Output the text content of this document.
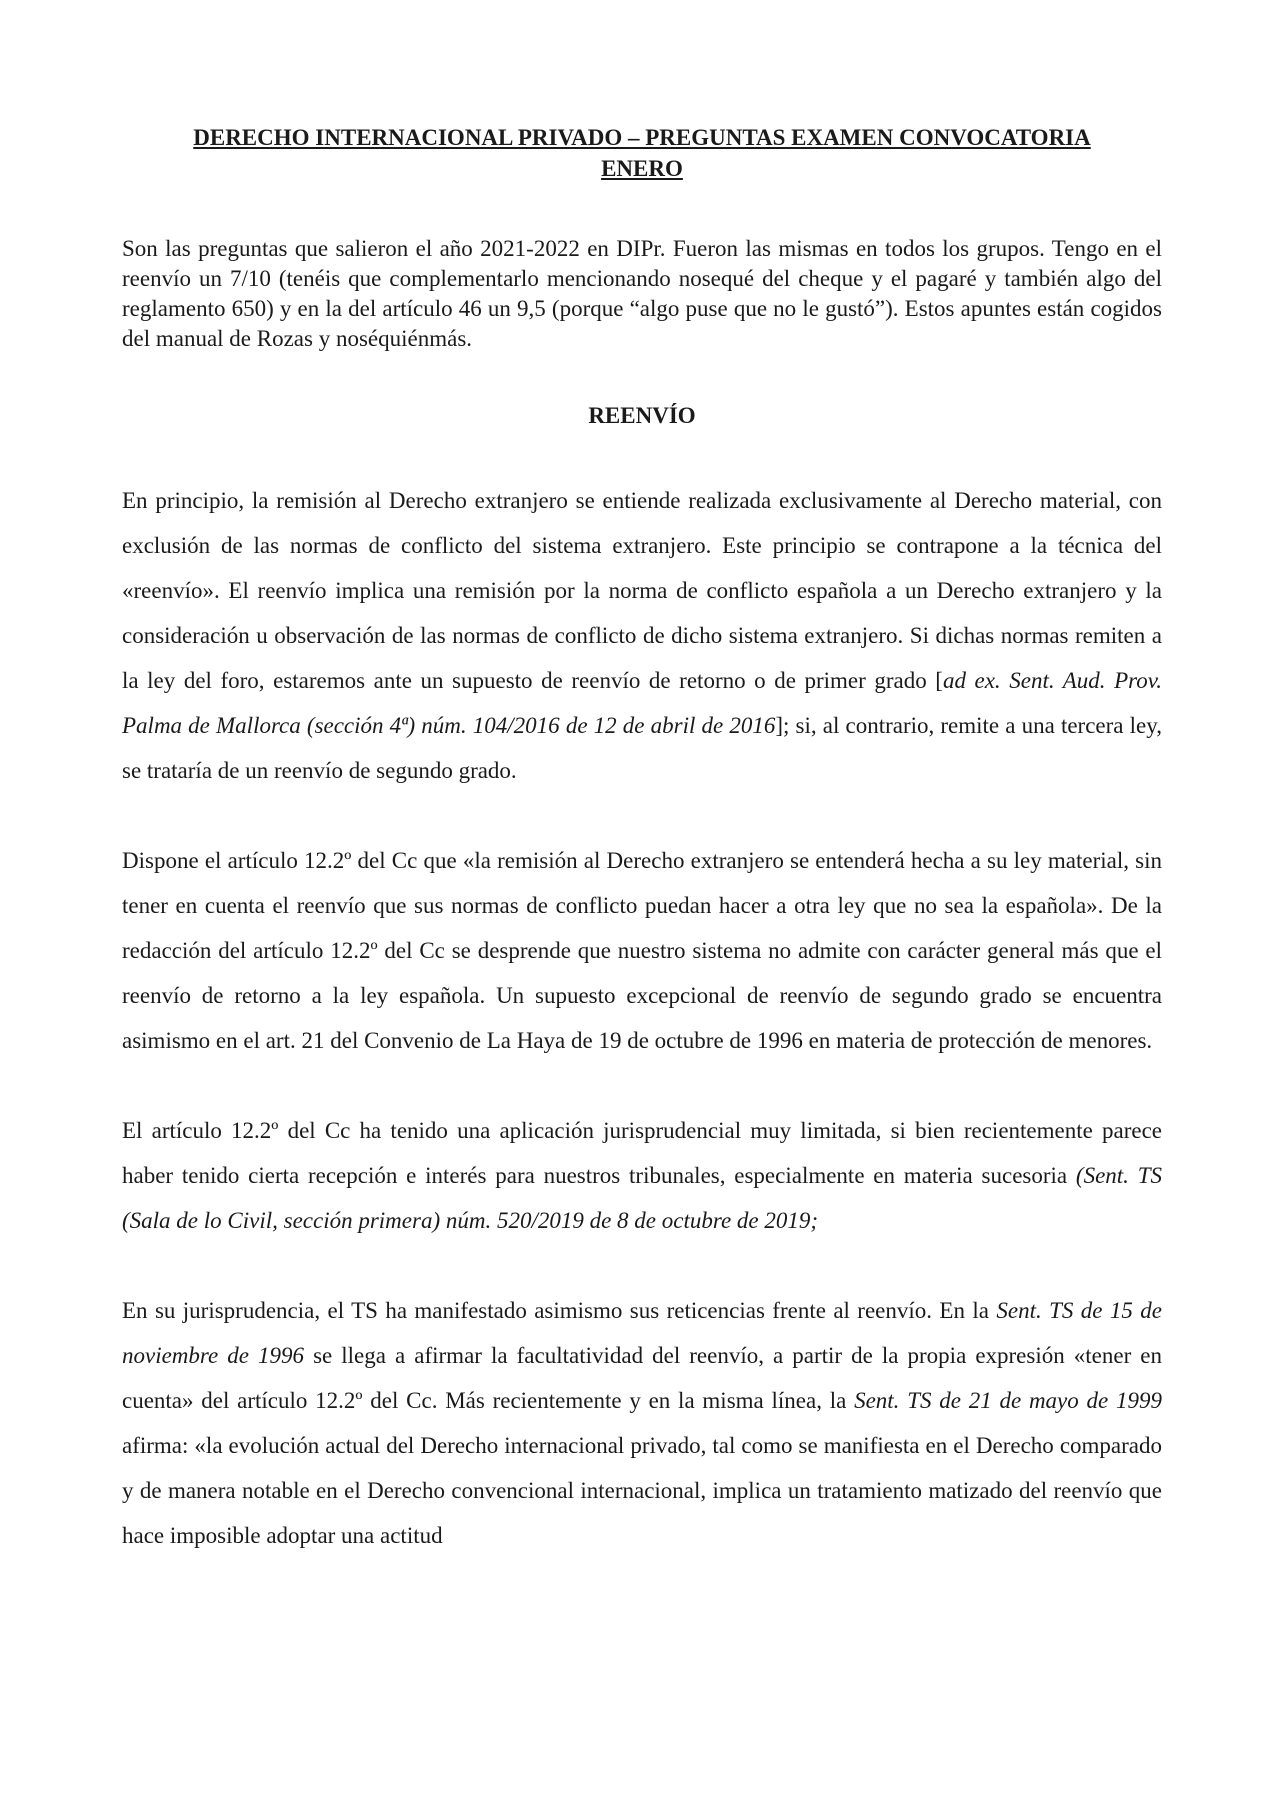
DERECHO INTERNACIONAL PRIVADO – PREGUNTAS EXAMEN CONVOCATORIA
ENERO

Son las preguntas que salieron el año 2021-2022 en DIPr. Fueron las mismas en todos los grupos. Tengo en el reenvío un 7/10 (tenéis que complementarlo mencionando nosequé del cheque y el pagaré y también algo del reglamento 650) y en la del artículo 46 un 9,5 (porque “algo puse que no le gustó”). Estos apuntes están cogidos del manual de Rozas y noséquiénmás.

REENVÍO

En principio, la remisión al Derecho extranjero se entiende realizada exclusivamente al Derecho material, con exclusión de las normas de conflicto del sistema extranjero. Este principio se contrapone a la técnica del «reenvío». El reenvío implica una remisión por la norma de conflicto española a un Derecho extranjero y la consideración u observación de las normas de conflicto de dicho sistema extranjero. Si dichas normas remiten a la ley del foro, estaremos ante un supuesto de reenvío de retorno o de primer grado [ad ex. Sent. Aud. Prov. Palma de Mallorca (sección 4ª) núm. 104/2016 de 12 de abril de 2016]; si, al contrario, remite a una tercera ley, se trataría de un reenvío de segundo grado.

Dispone el artículo 12.2º del Cc que «la remisión al Derecho extranjero se entenderá hecha a su ley material, sin tener en cuenta el reenvío que sus normas de conflicto puedan hacer a otra ley que no sea la española». De la redacción del artículo 12.2º del Cc se desprende que nuestro sistema no admite con carácter general más que el reenvío de retorno a la ley española. Un supuesto excepcional de reenvío de segundo grado se encuentra asimismo en el art. 21 del Convenio de La Haya de 19 de octubre de 1996 en materia de protección de menores.

El artículo 12.2º del Cc ha tenido una aplicación jurisprudencial muy limitada, si bien recientemente parece haber tenido cierta recepción e interés para nuestros tribunales, especialmente en materia sucesoria (Sent. TS (Sala de lo Civil, sección primera) núm. 520/2019 de 8 de octubre de 2019;

En su jurisprudencia, el TS ha manifestado asimismo sus reticencias frente al reenvío. En la Sent. TS de 15 de noviembre de 1996 se llega a afirmar la facultatividad del reenvío, a partir de la propia expresión «tener en cuenta» del artículo 12.2º del Cc. Más recientemente y en la misma línea, la Sent. TS de 21 de mayo de 1999 afirma: «la evolución actual del Derecho internacional privado, tal como se manifiesta en el Derecho comparado y de manera notable en el Derecho convencional internacional, implica un tratamiento matizado del reenvío que hace imposible adoptar una actitud
